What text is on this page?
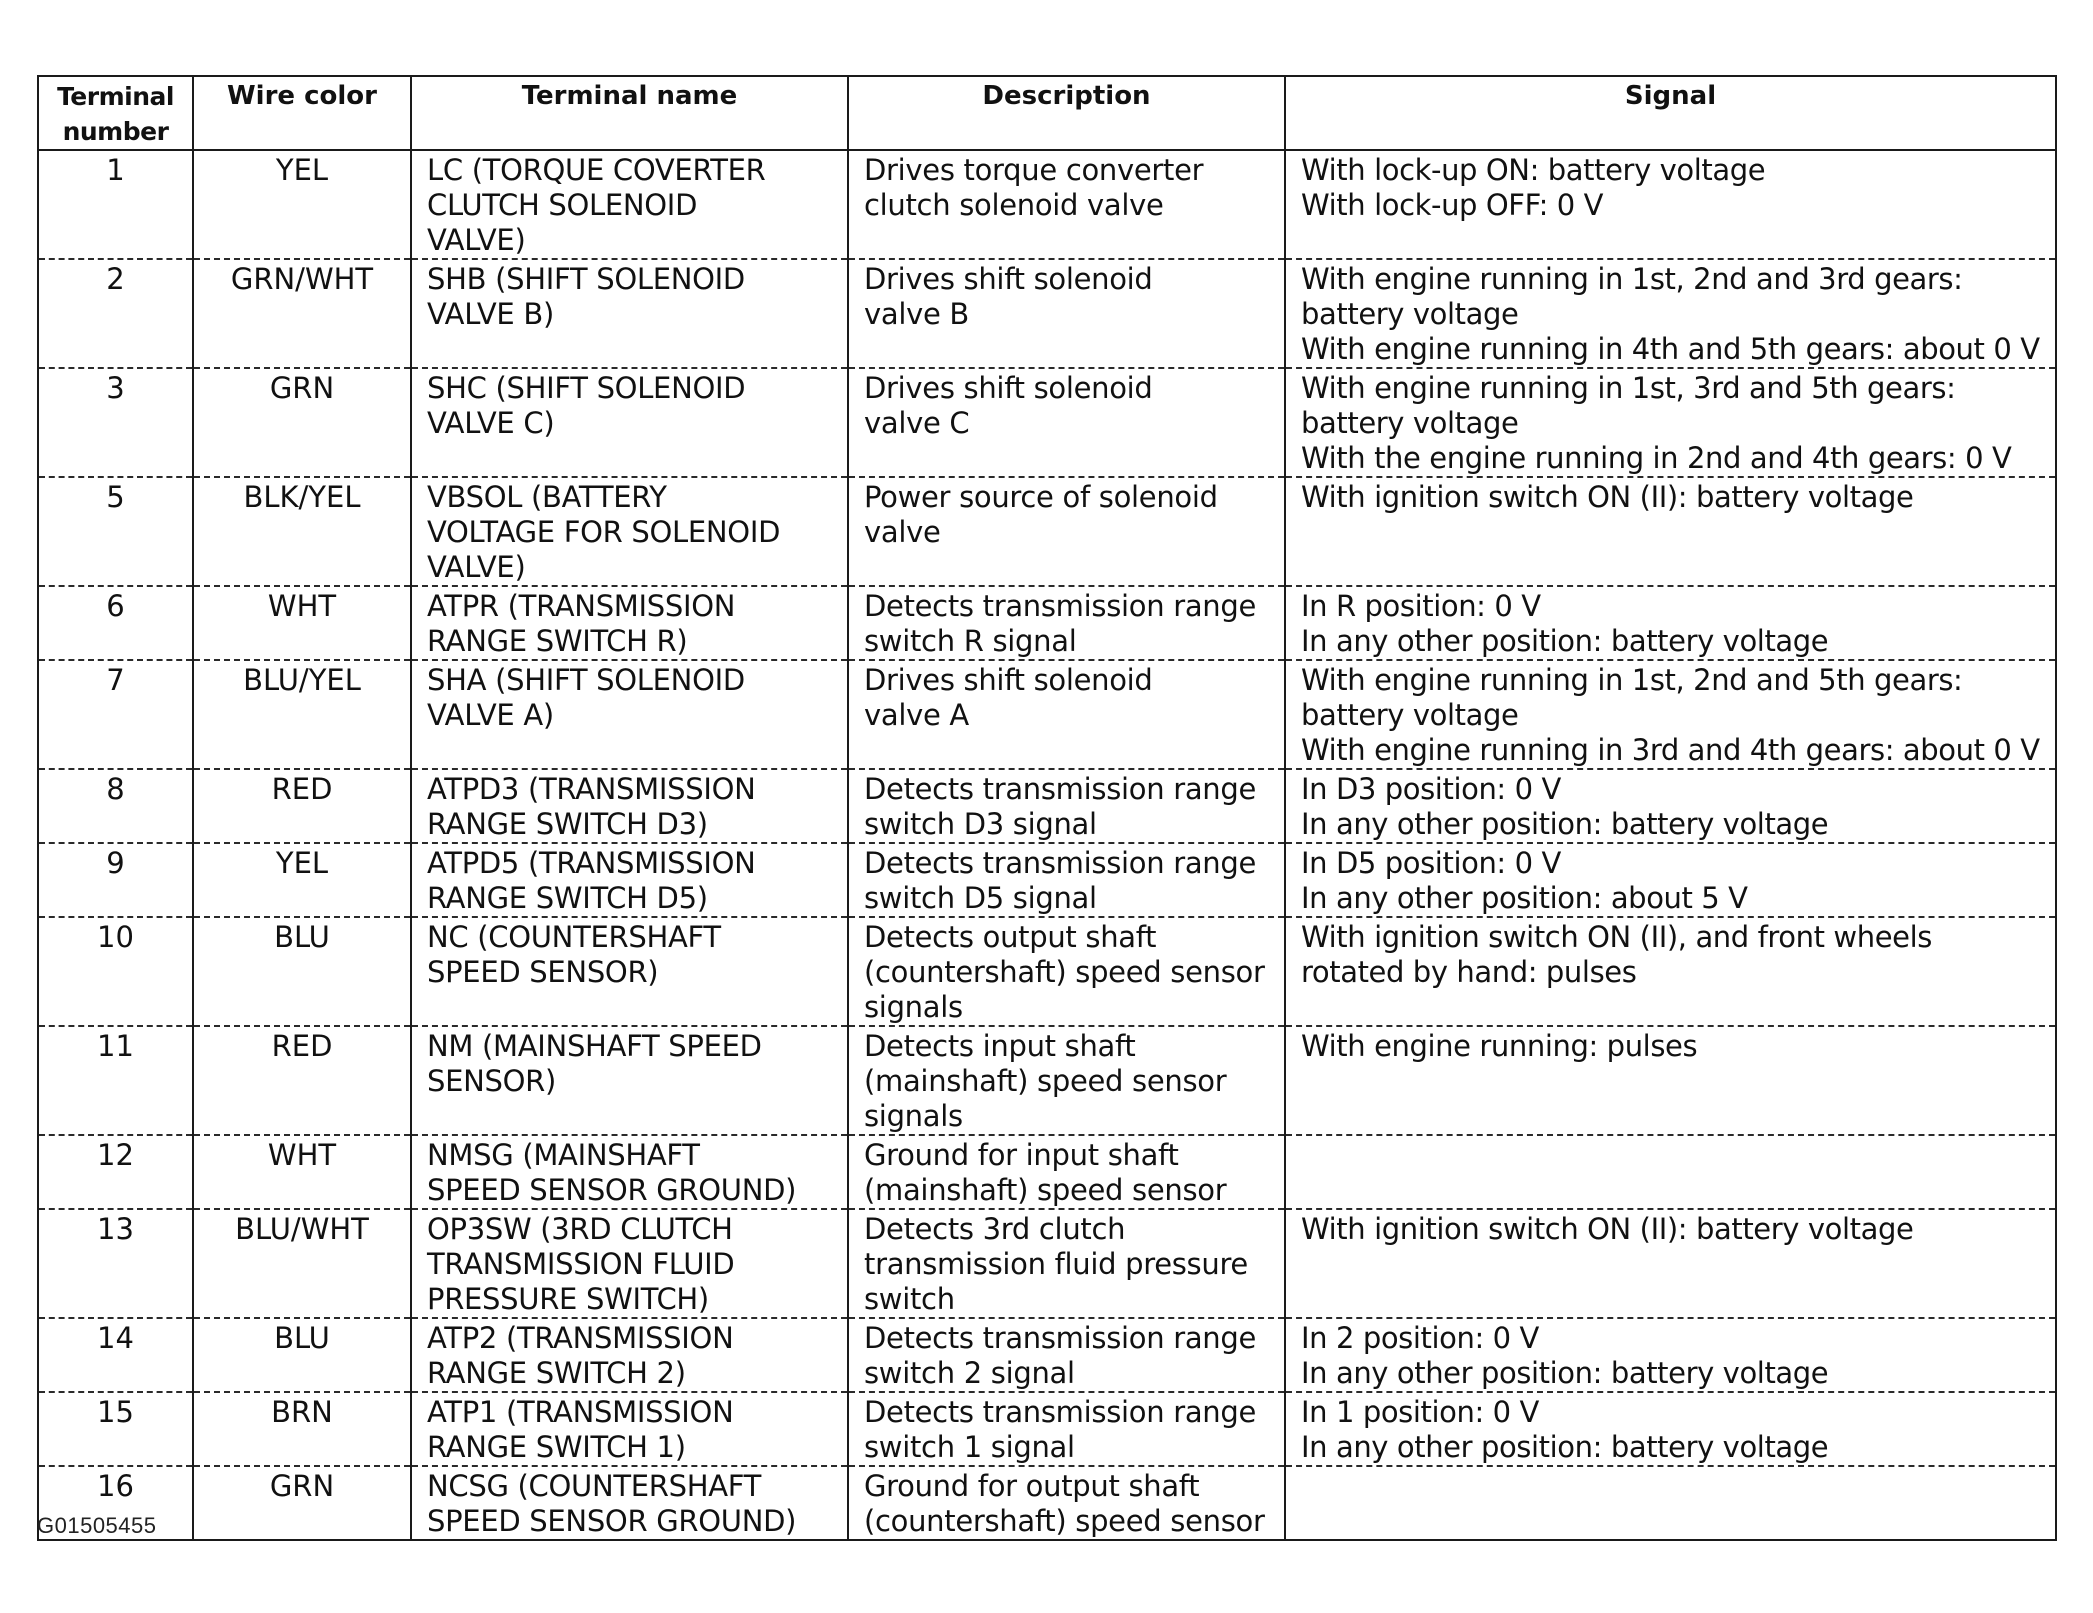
Terminal
number	Wire color	Terminal name	Description	Signal
1	YEL	LC (TORQUE COVERTER
CLUTCH SOLENOID
VALVE)	Drives torque converter
clutch solenoid valve	With lock-up ON: battery voltage
With lock-up OFF: 0 V

2	GRN/WHT	SHB (SHIFT SOLENOID
VALVE B)	Drives shift solenoid
valve B	With engine running in 1st, 2nd and 3rd gears:
battery voltage
With engine running in 4th and 5th gears: about 0 V

3	GRN	SHC (SHIFT SOLENOID
VALVE C)	Drives shift solenoid
valve C	With engine running in 1st, 3rd and 5th gears:
battery voltage
With the engine running in 2nd and 4th gears: 0 V

5	BLK/YEL	VBSOL (BATTERY
VOLTAGE FOR SOLENOID
VALVE)	Power source of solenoid
valve	With ignition switch ON (II): battery voltage

6	WHT	ATPR (TRANSMISSION
RANGE SWITCH R)	Detects transmission range
switch R signal	In R position: 0 V
In any other position: battery voltage

7	BLU/YEL	SHA (SHIFT SOLENOID
VALVE A)	Drives shift solenoid
valve A	With engine running in 1st, 2nd and 5th gears:
battery voltage
With engine running in 3rd and 4th gears: about 0 V

8	RED	ATPD3 (TRANSMISSION
RANGE SWITCH D3)	Detects transmission range
switch D3 signal	In D3 position: 0 V
In any other position: battery voltage

9	YEL	ATPD5 (TRANSMISSION
RANGE SWITCH D5)	Detects transmission range
switch D5 signal	In D5 position: 0 V
In any other position: about 5 V

10	BLU	NC (COUNTERSHAFT
SPEED SENSOR)	Detects output shaft
(countershaft) speed sensor
signals	With ignition switch ON (II), and front wheels
rotated by hand: pulses

11	RED	NM (MAINSHAFT SPEED
SENSOR)	Detects input shaft
(mainshaft) speed sensor
signals	With engine running: pulses

12	WHT	NMSG (MAINSHAFT
SPEED SENSOR GROUND)	Ground for input shaft
(mainshaft) speed sensor	

13	BLU/WHT	OP3SW (3RD CLUTCH
TRANSMISSION FLUID
PRESSURE SWITCH)	Detects 3rd clutch
transmission fluid pressure
switch	With ignition switch ON (II): battery voltage

14	BLU	ATP2 (TRANSMISSION
RANGE SWITCH 2)	Detects transmission range
switch 2 signal	In 2 position: 0 V
In any other position: battery voltage

15	BRN	ATP1 (TRANSMISSION
RANGE SWITCH 1)	Detects transmission range
switch 1 signal	In 1 position: 0 V
In any other position: battery voltage

16	GRN	NCSG (COUNTERSHAFT
SPEED SENSOR GROUND)	Ground for output shaft
(countershaft) speed sensor	

G01505455
